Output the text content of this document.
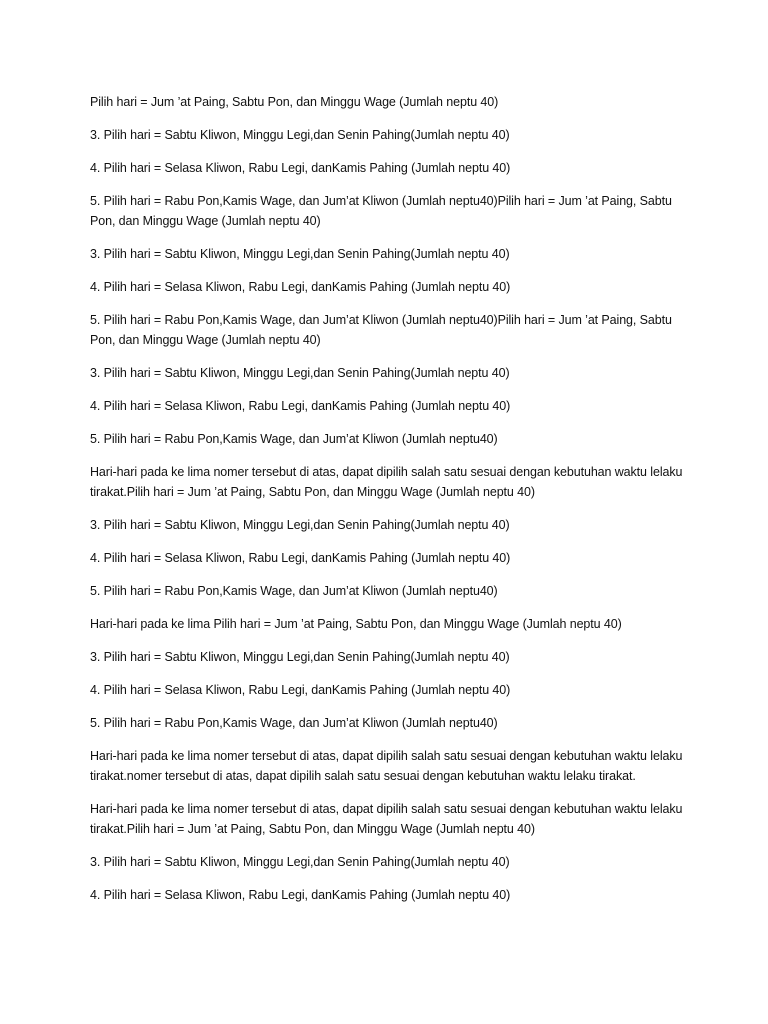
Pilih hari = Jum ’at Paing, Sabtu Pon, dan Minggu Wage (Jumlah neptu 40)

3. Pilih hari = Sabtu Kliwon, Minggu Legi,dan Senin Pahing(Jumlah neptu 40)

4. Pilih hari = Selasa Kliwon, Rabu Legi, danKamis Pahing (Jumlah neptu 40)

5. Pilih hari = Rabu Pon,Kamis Wage, dan Jum’at Kliwon (Jumlah neptu40)Pilih hari = Jum ’at Paing, Sabtu Pon, dan Minggu Wage (Jumlah neptu 40)

3. Pilih hari = Sabtu Kliwon, Minggu Legi,dan Senin Pahing(Jumlah neptu 40)

4. Pilih hari = Selasa Kliwon, Rabu Legi, danKamis Pahing (Jumlah neptu 40)

5. Pilih hari = Rabu Pon,Kamis Wage, dan Jum’at Kliwon (Jumlah neptu40)Pilih hari = Jum ’at Paing, Sabtu Pon, dan Minggu Wage (Jumlah neptu 40)

3. Pilih hari = Sabtu Kliwon, Minggu Legi,dan Senin Pahing(Jumlah neptu 40)

4. Pilih hari = Selasa Kliwon, Rabu Legi, danKamis Pahing (Jumlah neptu 40)

5. Pilih hari = Rabu Pon,Kamis Wage, dan Jum’at Kliwon (Jumlah neptu40)

Hari-hari pada ke lima nomer tersebut di atas, dapat dipilih salah satu sesuai dengan kebutuhan waktu lelaku tirakat.Pilih hari = Jum ’at Paing, Sabtu Pon, dan Minggu Wage (Jumlah neptu 40)

3. Pilih hari = Sabtu Kliwon, Minggu Legi,dan Senin Pahing(Jumlah neptu 40)

4. Pilih hari = Selasa Kliwon, Rabu Legi, danKamis Pahing (Jumlah neptu 40)

5. Pilih hari = Rabu Pon,Kamis Wage, dan Jum’at Kliwon (Jumlah neptu40)

Hari-hari pada ke lima Pilih hari = Jum ’at Paing, Sabtu Pon, dan Minggu Wage (Jumlah neptu 40)

3. Pilih hari = Sabtu Kliwon, Minggu Legi,dan Senin Pahing(Jumlah neptu 40)

4. Pilih hari = Selasa Kliwon, Rabu Legi, danKamis Pahing (Jumlah neptu 40)

5. Pilih hari = Rabu Pon,Kamis Wage, dan Jum’at Kliwon (Jumlah neptu40)

Hari-hari pada ke lima nomer tersebut di atas, dapat dipilih salah satu sesuai dengan kebutuhan waktu lelaku tirakat.nomer tersebut di atas, dapat dipilih salah satu sesuai dengan kebutuhan waktu lelaku tirakat.

Hari-hari pada ke lima nomer tersebut di atas, dapat dipilih salah satu sesuai dengan kebutuhan waktu lelaku tirakat.Pilih hari = Jum ’at Paing, Sabtu Pon, dan Minggu Wage (Jumlah neptu 40)

3. Pilih hari = Sabtu Kliwon, Minggu Legi,dan Senin Pahing(Jumlah neptu 40)

4. Pilih hari = Selasa Kliwon, Rabu Legi, danKamis Pahing (Jumlah neptu 40)
